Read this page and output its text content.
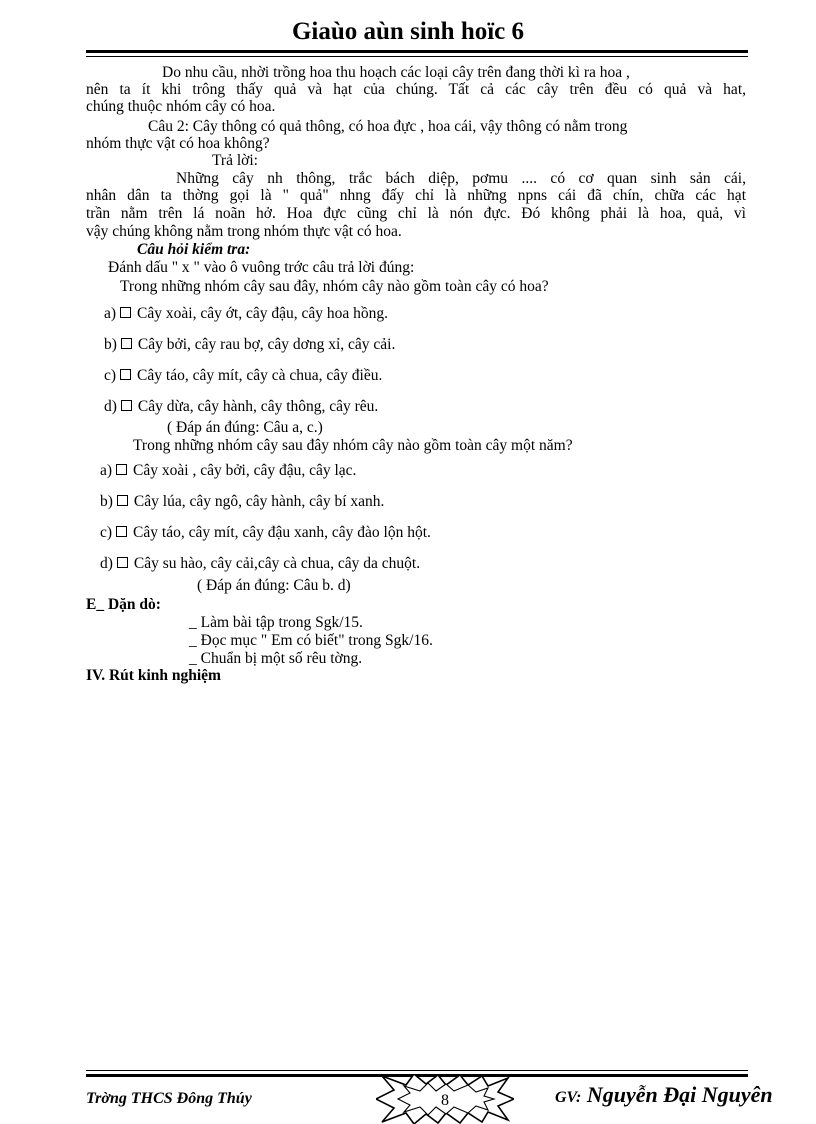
Giaùo aùn sinh hoïc 6
Do nhu cầu, nhời trồng hoa thu hoạch các loại cây trên đang thời kì ra hoa ,
nên ta ít khi trông thấy quả và hạt của chúng. Tất cả các cây trên đều có quả và hat,
chúng thuộc nhóm cây có hoa.
Câu 2: Cây thông có quả thông, có hoa đực , hoa cái, vậy thông có nằm trong
nhóm thực vật có hoa không?
Trả lời:
Những cây nh thông, trắc bách diệp, pơmu .... có cơ quan sinh sản cái,
nhân dân ta thờng gọi là " quả" nhng đấy chỉ là những npns cái đã chín, chữa các hạt
trần nằm trên lá noãn hở. Hoa đực cũng chỉ là nón đực. Đó không phải là hoa, quả, vì
vậy chúng không nằm trong nhóm thực vật có hoa.
Câu hỏi kiểm tra:
Đánh dấu " x " vào ô vuông trớc câu trả lời đúng:
Trong những nhóm cây sau đây, nhóm cây nào gồm toàn cây có hoa?
a) Cây xoài, cây ớt, cây đậu, cây hoa hồng.
b) Cây bởi, cây rau bợ, cây dơng xỉ, cây cải.
c) Cây táo, cây mít, cây cà chua, cây điều.
d) Cây dừa, cây hành, cây thông, cây rêu.
( Đáp án đúng: Câu a, c.)
Trong những nhóm cây sau đây nhóm cây nào gồm toàn cây một năm?
a) Cây xoài , cây bởi, cây đậu, cây lạc.
b) Cây lúa, cây ngô, cây hành, cây bí xanh.
c) Cây táo, cây mít, cây đậu xanh, cây đào lộn hột.
d) Cây su hào, cây cải,cây cà chua, cây da chuột.
( Đáp án đúng: Câu b. d)
E_ Dặn dò:
_ Làm bài tập trong Sgk/15.
_ Đọc mục " Em có biết" trong Sgk/16.
_ Chuẩn bị một số rêu tờng.
IV. Rút kinh nghiệm
Trờng THCS Đông Thúy	8	GV: Nguyễn Đại Nguyên
